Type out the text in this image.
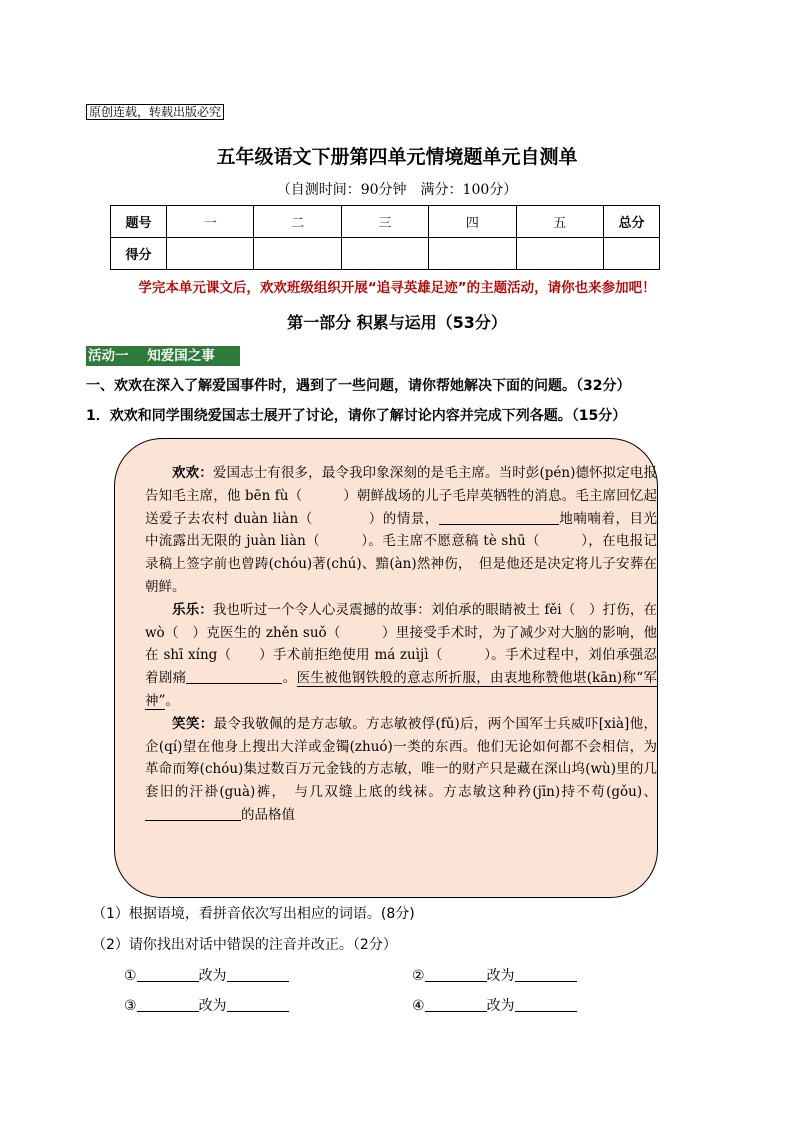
原创连载，转载出版必究
五年级语文下册第四单元情境题单元自测单
（自测时间：90分钟　满分：100分）
题号	一	二	三	四	五	总分
得分						
学完本单元课文后，欢欢班级组织开展“追寻英雄足迹”的主题活动，请你也来参加吧！
第一部分 积累与运用（53分）
活动一    知爱国之事
一、欢欢在深入了解爱国事件时，遇到了一些问题，请你帮她解决下面的问题。（32分）
1．欢欢和同学围绕爱国志士展开了讨论，请你了解讨论内容并完成下列各题。（15分）

欢欢：爱国志士有很多，最令我印象深刻的是毛主席。当时彭(pén)德怀拟定电报告知毛主席，他 bēn fù（　　　）朝鲜战场的儿子毛岸英牺牲的消息。毛主席回忆起送爱子去农村 duàn liàn（　　　　）的情景，	地喃喃着，目光中流露出无限的 juàn liàn（　　　）。毛主席不愿意稿 tè shū（　　　），在电报记录稿上签字前也曾踌(chóu)著(chú)、黯(àn)然神伤，　但是他还是决定将儿子安葬在朝鲜。

乐乐：我也听过一个令人心灵震撼的故事：刘伯承的眼睛被土 fěi（　）打伤，在 wò（　）克医生的 zhěn suǒ（　　　）里接受手术时，为了减少对大脑的影响，他在 shī xíng（　　）手术前拒绝使用 má zuìjì（　　　）。手术过程中，刘伯承强忍着剧痛	。医生被他钢铁般的意志所折服，由衷地称赞他堪(kān)称“军神”。

笑笑：最令我敬佩的是方志敏。方志敏被俘(fǔ)后，两个国军士兵威吓[xià]他，企(qí)望在他身上搜出大洋或金镯(zhuó)一类的东西。他们无论如何都不会相信，为革命而筹(chóu)集过数百万元金钱的方志敏，唯一的财产只是藏在深山坞(wù)里的几套旧的汗褂(guà)裤，　与几双缝上底的线袜。方志敏这种矜(jīn)持不苟(gǒu)、的品格值

（1）根据语境，看拼音依次写出相应的词语。(8分)
（2）请你找出对话中错误的注音并改正。（2分）
①	改为	②	改为
③	改为	④	改为
